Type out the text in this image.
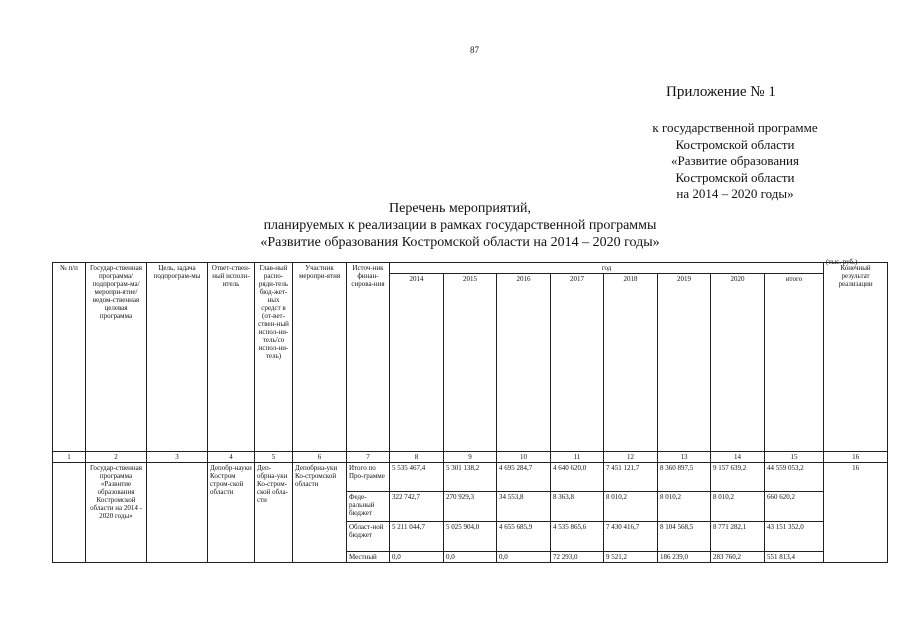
87
Приложение № 1
к государственной программе
Костромской области
«Развитие образования
Костромской области
на 2014 – 2020 годы»
Перечень мероприятий,
планируемых к реализации в рамках государственной программы
«Развитие образования Костромской области на 2014 – 2020 годы»
(тыс. руб.)
№ п/п	Государ-ственная программа/ подпрограм-ма/ меропри-ятие/ ведом-ственная целевая программа	Цель, задача подпрограм-мы	Ответ-ствен-ный исполн-итель	Глав-ный распо-ряди-тель бюд-жет-ных средст в (от-вет-ствен-ный испол-ни-тель/со испол-ни-тель)	Участник меропри-ятия	Источ-ник финан-сирова-ния	год								Конечный результат реализации
							2014	2015	2016	2017	2018	2019	2020	итого	
1	2	3	4	5	6	7	8	9	10	11	12	13	14	15	16
	Государ-ственная программа «Развитие образования Костромской области на 2014 - 2020 годы»		Депобр-науки Костром стром-ской области	Деп-обрна-уки Ко-стром-ской обла-сти	Депобрна-уки Ко-стромской области	Итого по Про-грамме	5 535 467,4	5 301 138,2	4 695 284,7	4 640 620,0	7 451 121,7	8 360 897,5	9 157 639,2	44 559 053,2	16
						Феде-ральный бюджет	322 742,7	270 929,3	34 553,8	8 363,8	8 010,2	8 010,2	8 010,2	660 620,2	
						Област-ной бюджет	5 211 044,7	5 025 904,0	4 655 685,9	4 535 865,6	7 430 416,7	8 104 568,5	8 771 282,1	43 151 352,0	
						Местный	0,0	0,0	0,0	72 293,0	9 521,2	186 239,0	283 760,2	551 813,4	
